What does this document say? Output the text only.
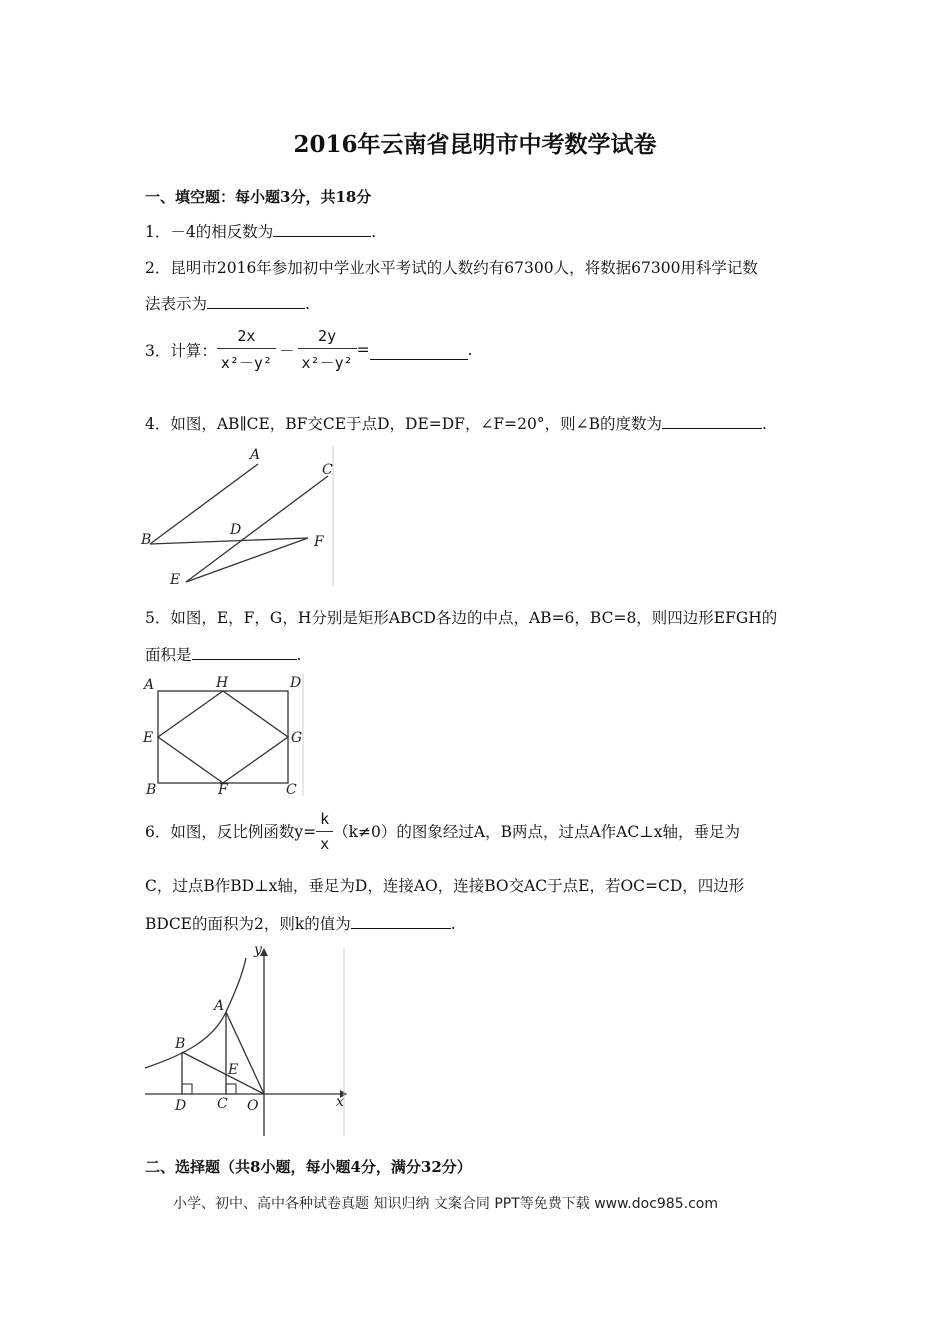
2016年云南省昆明市中考数学试卷
一、填空题：每小题3分，共18分
1．－4的相反数为	.
2．昆明市2016年参加初中学业水平考试的人数约有67300人，将数据67300用科学记数
法表示为	.
3．计算： $\frac{2x}{\text{x²－y²}} - \frac{2y}{\text{x²－y²}}$ =	.
4．如图，AB∥CE，BF交CE于点D，DE=DF，∠F=20°，则∠B的度数为	.
A
B
C
D
E
F
5．如图，E，F，G，H分别是矩形ABCD各边的中点，AB=6，BC=8，则四边形EFGH的
面积是	.
A	H	D
E	G
B	F	C
6．如图，反比例函数$y= \frac{k}{x} (k\ne 0)$的图象经过A，B两点，过点A作AC⊥x轴，垂足为
C，过点B作BD⊥x轴，垂足为D，连接AO，连接BO交AC于点E，若OC=CD，四边形
BDCE的面积为2，则k的值为	.
y
x
A
B
E
D C O
二、选择题（共8小题，每小题4分，满分32分）
小学、初中、高中各种试卷真题 知识归纳 文案合同 PPT等免费下载 www.doc985.com
